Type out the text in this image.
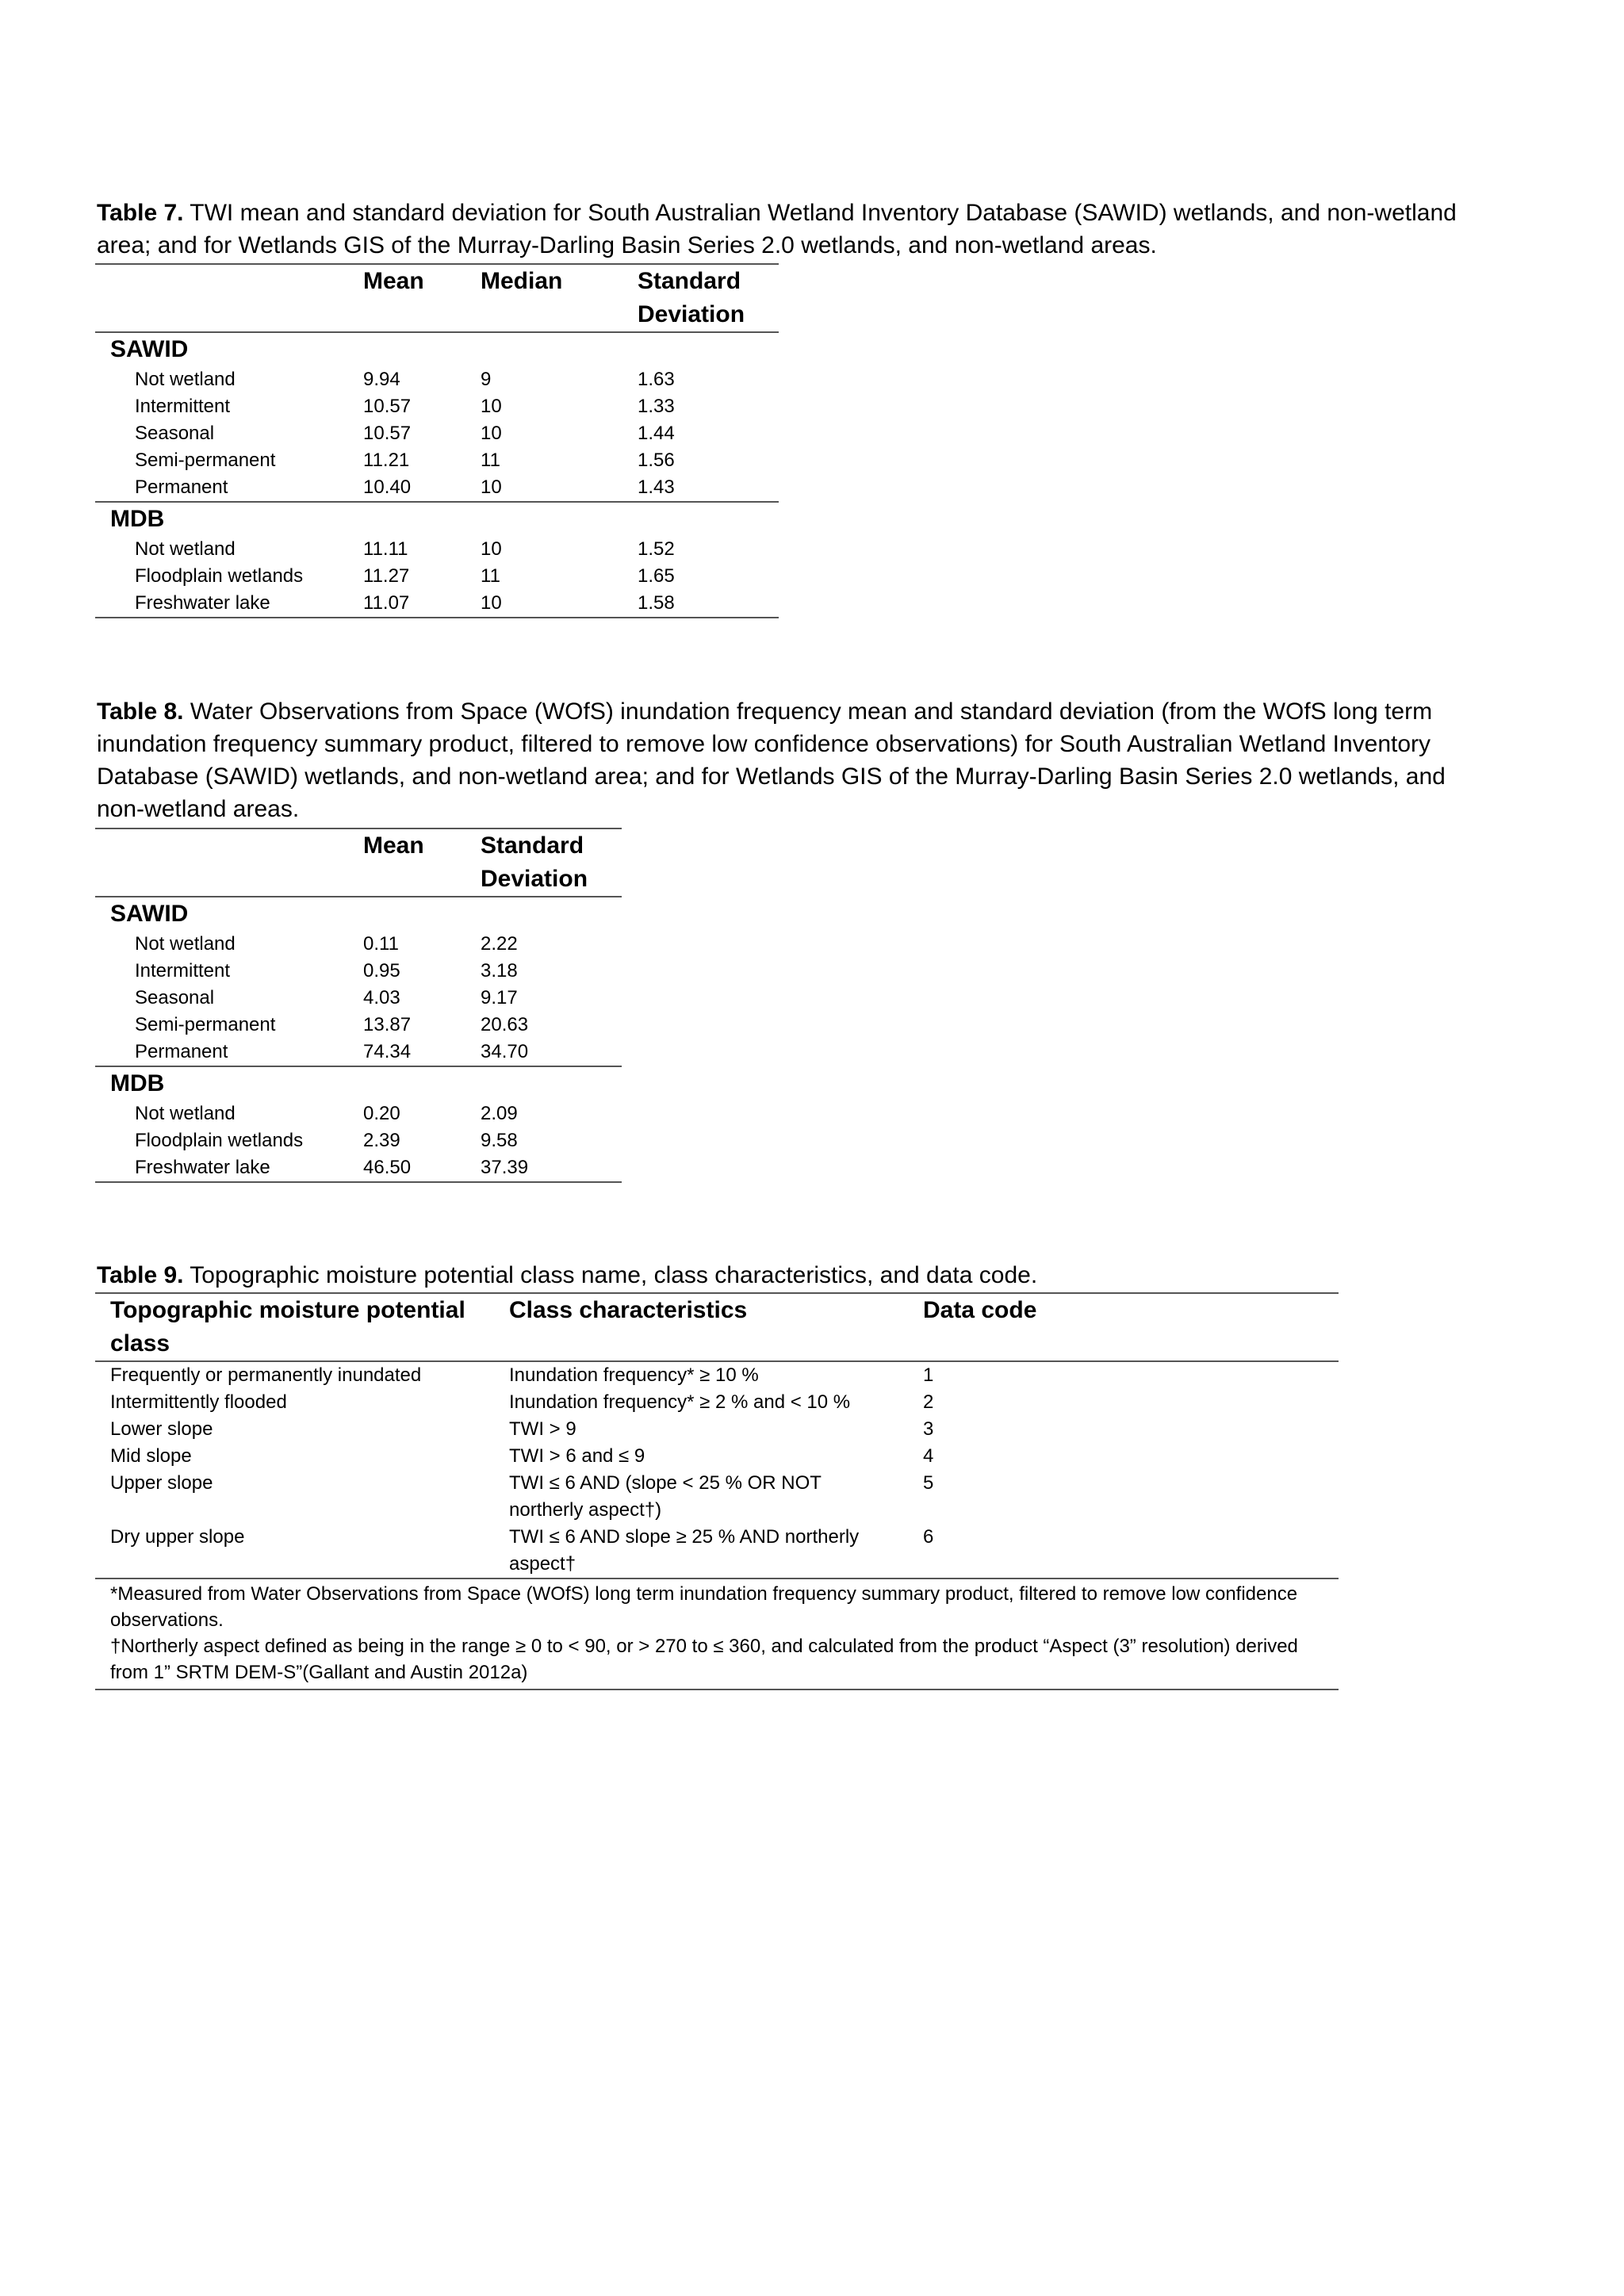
Table 7. TWI mean and standard deviation for South Australian Wetland Inventory Database (SAWID) wetlands, and non-wetland area; and for Wetlands GIS of the Murray-Darling Basin Series 2.0 wetlands, and non-wetland areas.
	Mean	Median	Standard Deviation
SAWID			
Not wetland	9.94	9	1.63
Intermittent	10.57	10	1.33
Seasonal	10.57	10	1.44
Semi-permanent	11.21	11	1.56
Permanent	10.40	10	1.43
MDB			
Not wetland	11.11	10	1.52
Floodplain wetlands	11.27	11	1.65
Freshwater lake	11.07	10	1.58
Table 8. Water Observations from Space (WOfS) inundation frequency mean and standard deviation (from the WOfS long term inundation frequency summary product, filtered to remove low confidence observations) for South Australian Wetland Inventory Database (SAWID) wetlands, and non-wetland area; and for Wetlands GIS of the Murray-Darling Basin Series 2.0 wetlands, and non-wetland areas.
	Mean	Standard Deviation
SAWID		
Not wetland	0.11	2.22
Intermittent	0.95	3.18
Seasonal	4.03	9.17
Semi-permanent	13.87	20.63
Permanent	74.34	34.70
MDB		
Not wetland	0.20	2.09
Floodplain wetlands	2.39	9.58
Freshwater lake	46.50	37.39
Table 9. Topographic moisture potential class name, class characteristics, and data code.
Topographic moisture potential class	Class characteristics	Data code
Frequently or permanently inundated	Inundation frequency* ≥ 10 %	1
Intermittently flooded	Inundation frequency* ≥ 2 % and < 10 %	2
Lower slope	TWI > 9	3
Mid slope	TWI > 6 and ≤ 9	4
Upper slope	TWI ≤ 6 AND (slope < 25 % OR NOT northerly aspect†)	5
Dry upper slope	TWI ≤ 6 AND slope ≥ 25 % AND northerly aspect†	6
*Measured from Water Observations from Space (WOfS) long term inundation frequency summary product, filtered to remove low confidence observations.		
†Northerly aspect defined as being in the range ≥ 0 to < 90, or > 270 to ≤ 360, and calculated from the product “Aspect (3” resolution) derived from 1” SRTM DEM-S”(Gallant and Austin 2012a)		
